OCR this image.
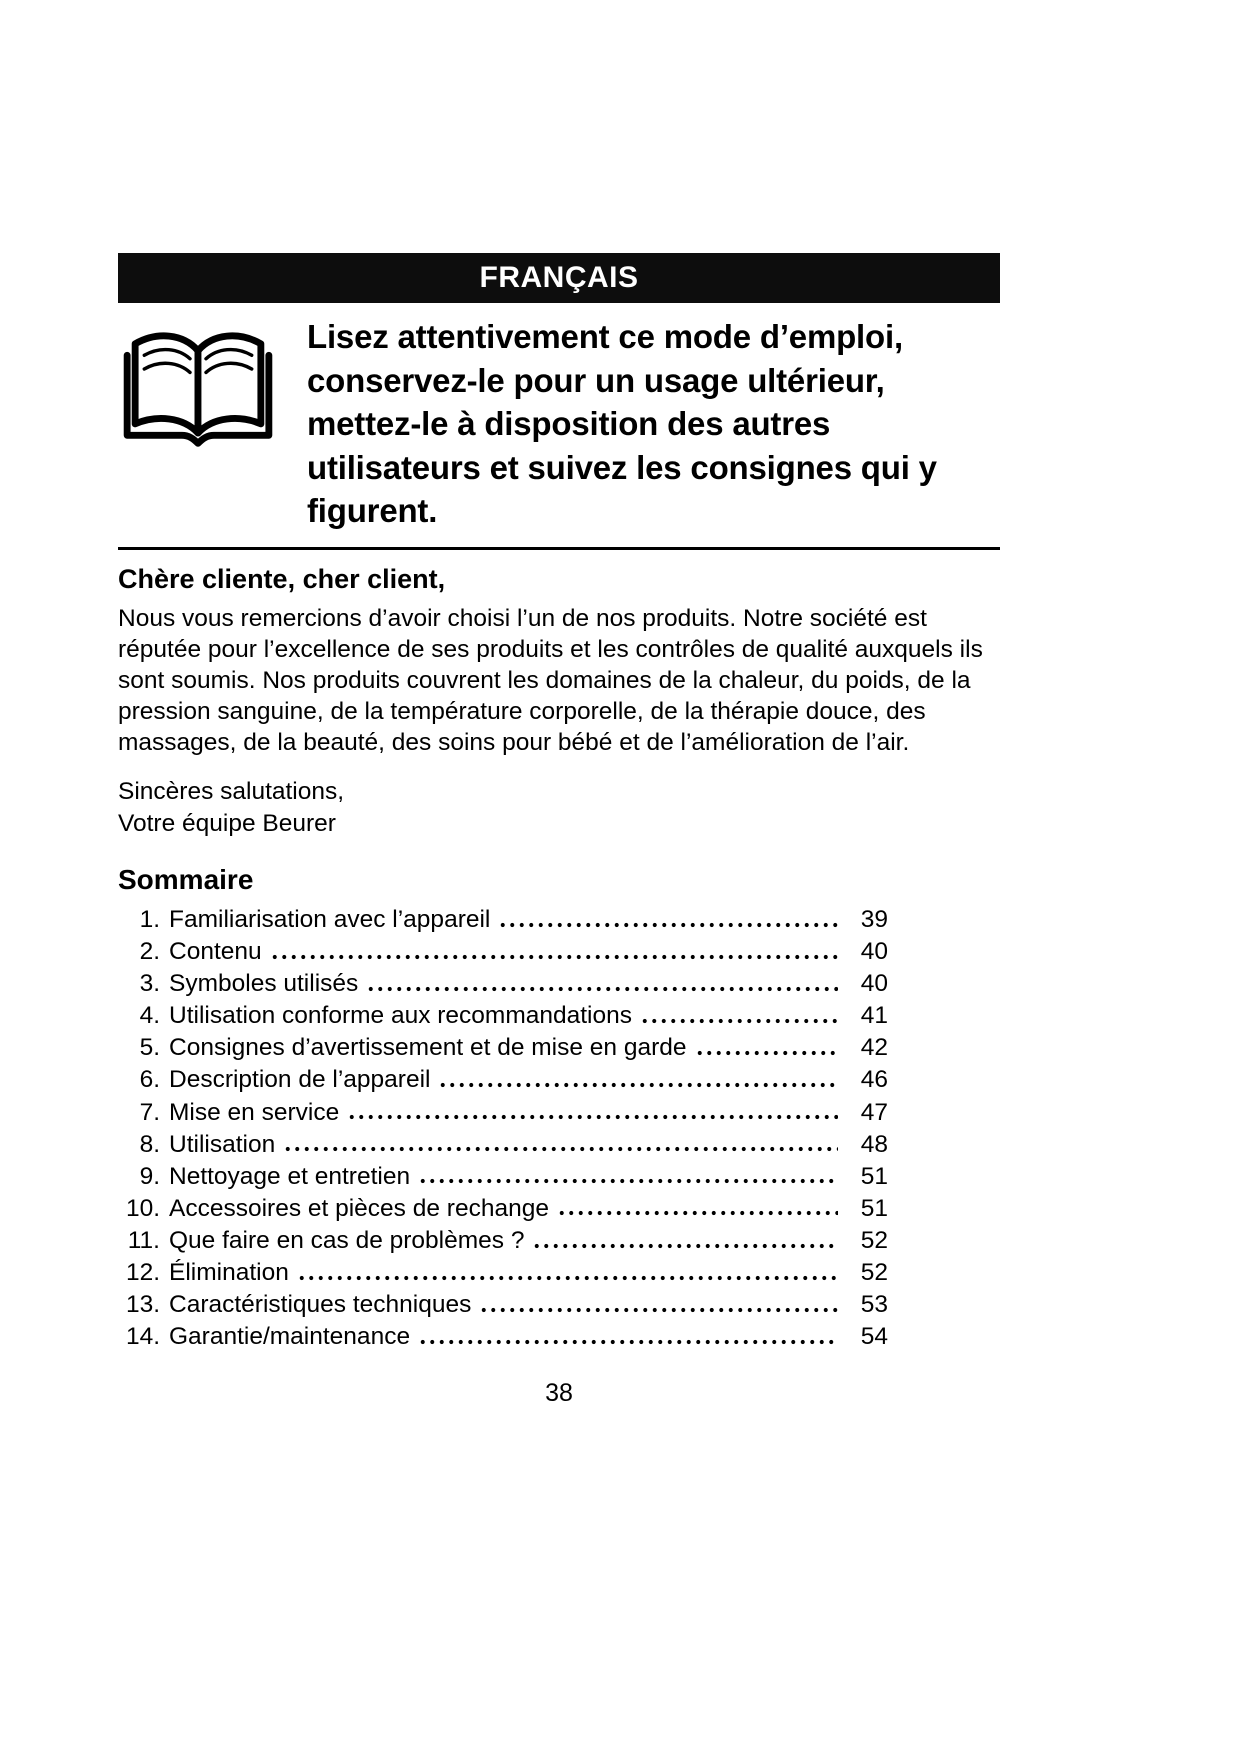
FRANÇAIS
Lisez attentivement ce mode d’emploi, conservez-le pour un usage ultérieur, mettez-le à disposition des autres utilisateurs et suivez les consignes qui y figurent.
Chère cliente, cher client,
Nous vous remercions d’avoir choisi l’un de nos produits. Notre société est réputée pour l’excellence de ses produits et les contrôles de qualité auxquels ils sont soumis. Nos produits couvrent les domaines de la chaleur, du poids, de la pression sanguine, de la température corporelle, de la thérapie douce, des massages, de la beauté, des soins pour bébé et de l’amélioration de l’air.
Sincères salutations,
Votre équipe Beurer
Sommaire
1. Familiarisation avec l’appareil	39
2. Contenu	40
3. Symboles utilisés	40
4. Utilisation conforme aux recommandations	41
5. Consignes d’avertissement et de mise en garde	42
6. Description de l’appareil	46
7. Mise en service	47
8. Utilisation	48
9. Nettoyage et entretien	51
10. Accessoires et pièces de rechange	51
11. Que faire en cas de problèmes ?	52
12. Élimination	52
13. Caractéristiques techniques	53
14. Garantie/maintenance	54
38
